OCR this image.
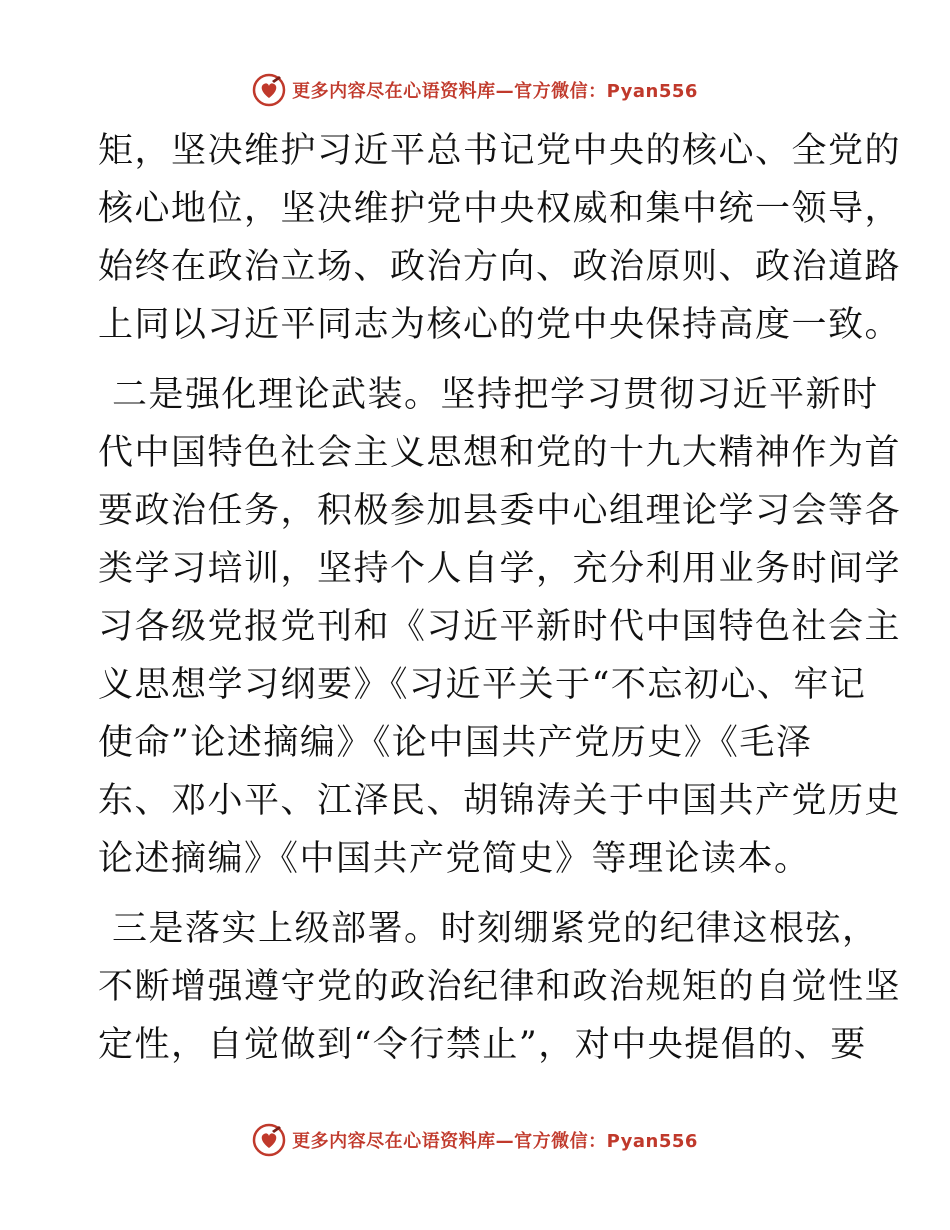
更多内容尽在心语资料库—官方微信：Pyan556
矩，坚决维护习近平总书记党中央的核心、全党的
核心地位，坚决维护党中央权威和集中统一领导，
始终在政治立场、政治方向、政治原则、政治道路
上同以习近平同志为核心的党中央保持高度一致。
二是强化理论武装。坚持把学习贯彻习近平新时
代中国特色社会主义思想和党的十九大精神作为首
要政治任务，积极参加县委中心组理论学习会等各
类学习培训，坚持个人自学，充分利用业务时间学
习各级党报党刊和《习近平新时代中国特色社会主
义思想学习纲要》《习近平关于“不忘初心、牢记
使命”论述摘编》《论中国共产党历史》《毛泽
东、邓小平、江泽民、胡锦涛关于中国共产党历史
论述摘编》《中国共产党简史》等理论读本。
三是落实上级部署。时刻绷紧党的纪律这根弦，
不断增强遵守党的政治纪律和政治规矩的自觉性坚
定性，自觉做到“令行禁止”，对中央提倡的、要
更多内容尽在心语资料库—官方微信：Pyan556
